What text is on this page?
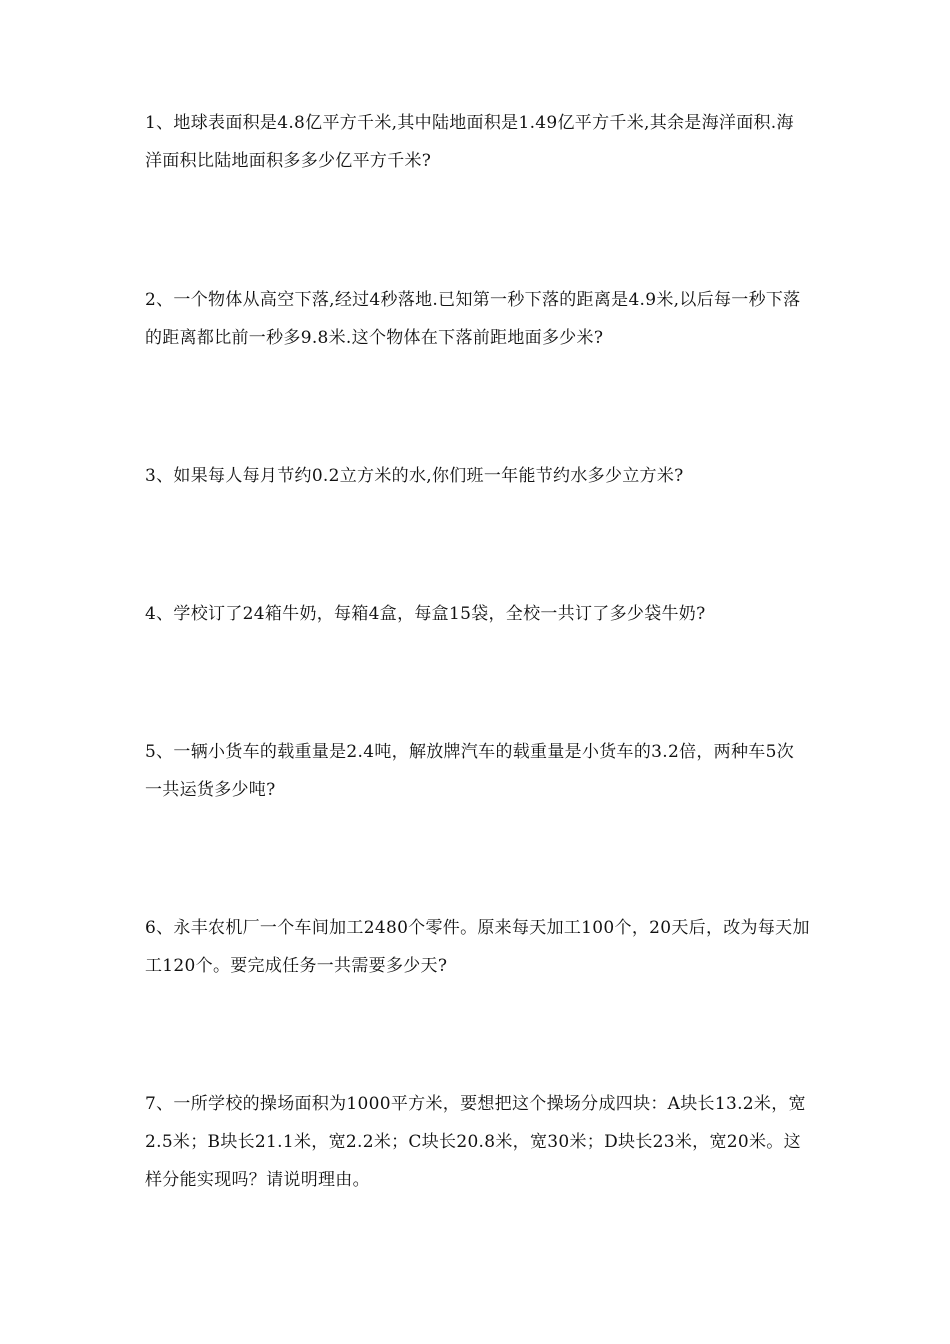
1、地球表面积是4.8亿平方千米,其中陆地面积是1.49亿平方千米,其余是海洋面积.海洋面积比陆地面积多多少亿平方千米?

2、一个物体从高空下落,经过4秒落地.已知第一秒下落的距离是4.9米,以后每一秒下落的距离都比前一秒多9.8米.这个物体在下落前距地面多少米?

3、如果每人每月节约0.2立方米的水,你们班一年能节约水多少立方米?

4、学校订了24箱牛奶，每箱4盒，每盒15袋，全校一共订了多少袋牛奶?

5、一辆小货车的载重量是2.4吨，解放牌汽车的载重量是小货车的3.2倍，两种车5次一共运货多少吨?

6、永丰农机厂一个车间加工2480个零件。原来每天加工100个，20天后，改为每天加工120个。要完成任务一共需要多少天?

7、一所学校的操场面积为1000平方米，要想把这个操场分成四块：A块长13.2米，宽2.5米；B块长21.1米，宽2.2米；C块长20.8米，宽30米；D块长23米，宽20米。这样分能实现吗？请说明理由。
